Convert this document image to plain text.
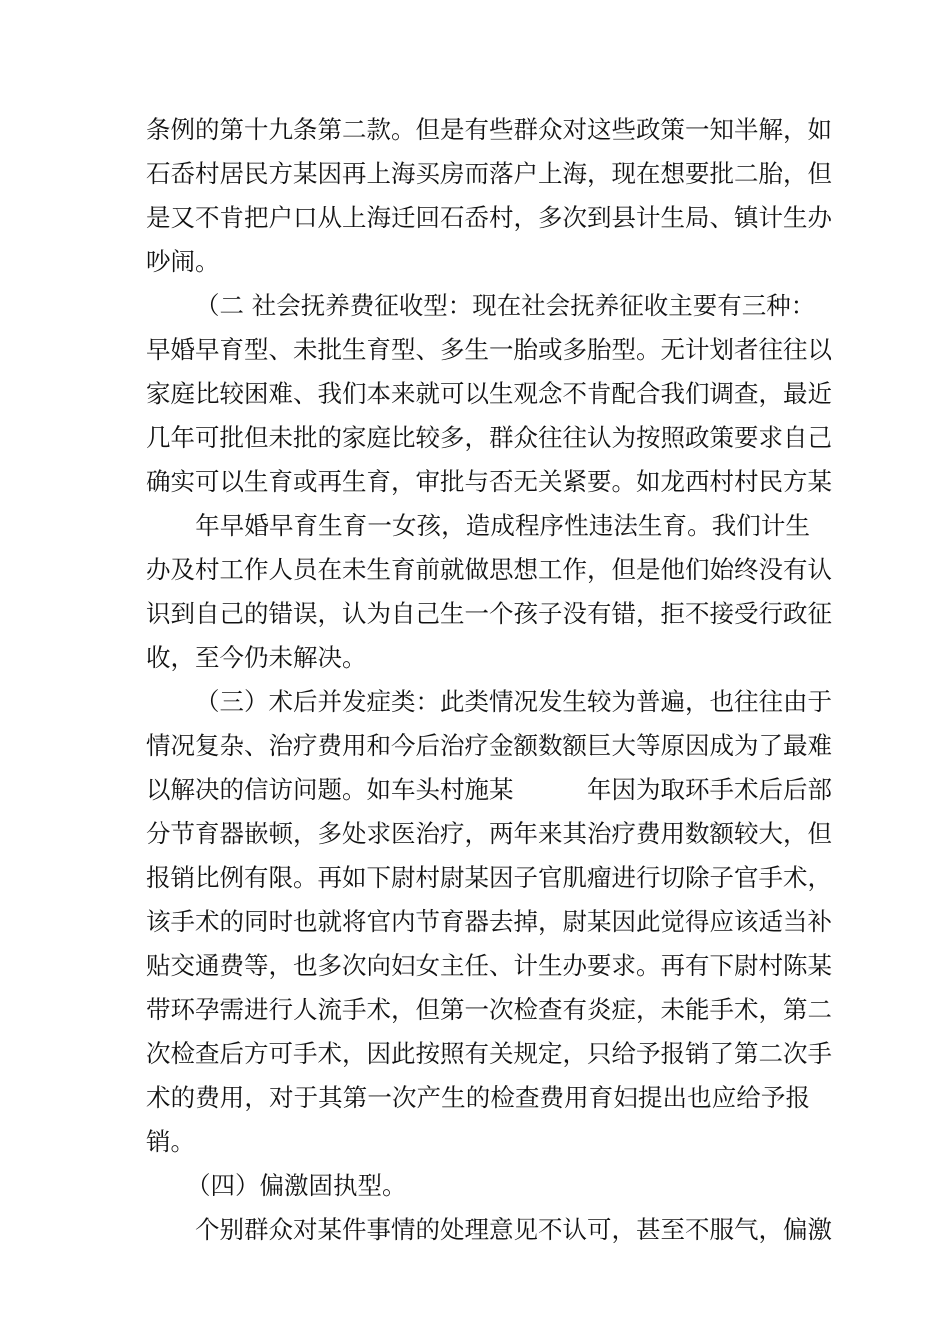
条例的第十九条第二款。但是有些群众对这些政策一知半解，如
石岙村居民方某因再上海买房而落户上海，现在想要批二胎，但
是又不肯把户口从上海迁回石岙村，多次到县计生局、镇计生办
吵闹。
（二 社会抚养费征收型：现在社会抚养征收主要有三种：
早婚早育型、未批生育型、多生一胎或多胎型。无计划者往往以
家庭比较困难、我们本来就可以生观念不肯配合我们调查，最近
几年可批但未批的家庭比较多，群众往往认为按照政策要求自己
确实可以生育或再生育，审批与否无关紧要。如龙西村村民方某
　　年早婚早育生育一女孩，造成程序性违法生育。我们计生
办及村工作人员在未生育前就做思想工作，但是他们始终没有认
识到自己的错误，认为自己生一个孩子没有错，拒不接受行政征
收，至今仍未解决。
（三）术后并发症类：此类情况发生较为普遍，也往往由于
情况复杂、治疗费用和今后治疗金额数额巨大等原因成为了最难
以解决的信访问题。如车头村施某　　　年因为取环手术后后部
分节育器嵌顿，多处求医治疗，两年来其治疗费用数额较大，但
报销比例有限。再如下尉村尉某因子官肌瘤进行切除子官手术，
该手术的同时也就将官内节育器去掉，尉某因此觉得应该适当补
贴交通费等，也多次向妇女主任、计生办要求。再有下尉村陈某
带环孕需进行人流手术，但第一次检查有炎症，未能手术，第二
次检查后方可手术，因此按照有关规定，只给予报销了第二次手
术的费用，对于其第一次产生的检查费用育妇提出也应给予报
销。
（四）偏激固执型。
个别群众对某件事情的处理意见不认可，甚至不服气，偏激
